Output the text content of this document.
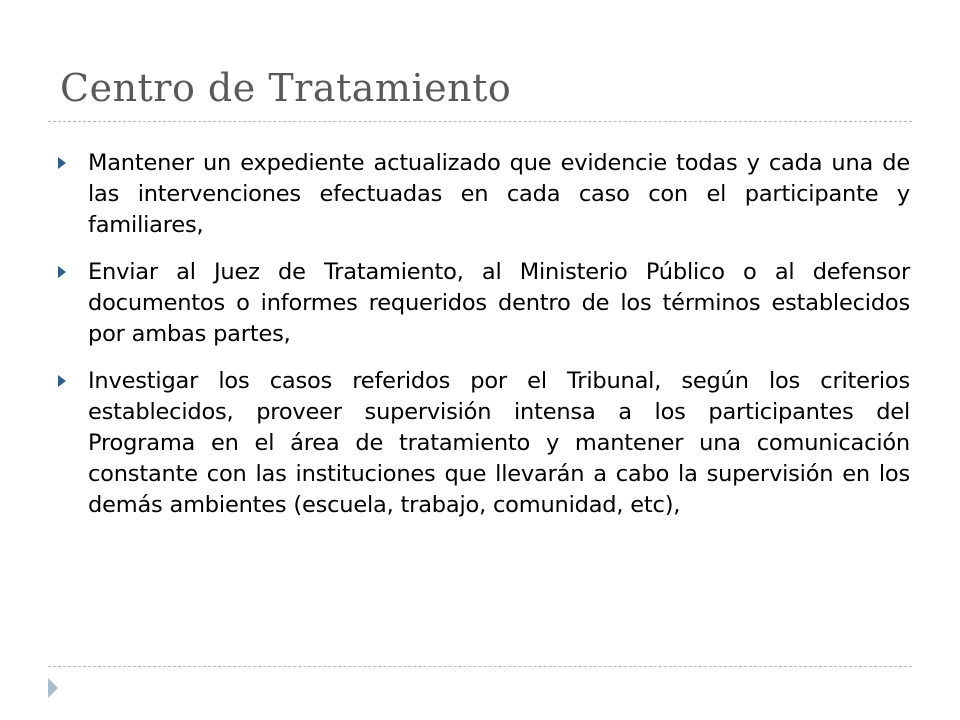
Centro de Tratamiento
Mantener un expediente actualizado que evidencie todas y cada una de las intervenciones efectuadas en cada caso con el participante y familiares,
Enviar al Juez de Tratamiento, al Ministerio Público o al defensor documentos o informes requeridos dentro de los términos establecidos por ambas partes,
Investigar los casos referidos por el Tribunal, según los criterios establecidos, proveer supervisión intensa a los participantes del Programa en el área de tratamiento y mantener una comunicación constante con las instituciones que llevarán a cabo la supervisión en los demás ambientes (escuela, trabajo, comunidad, etc),
